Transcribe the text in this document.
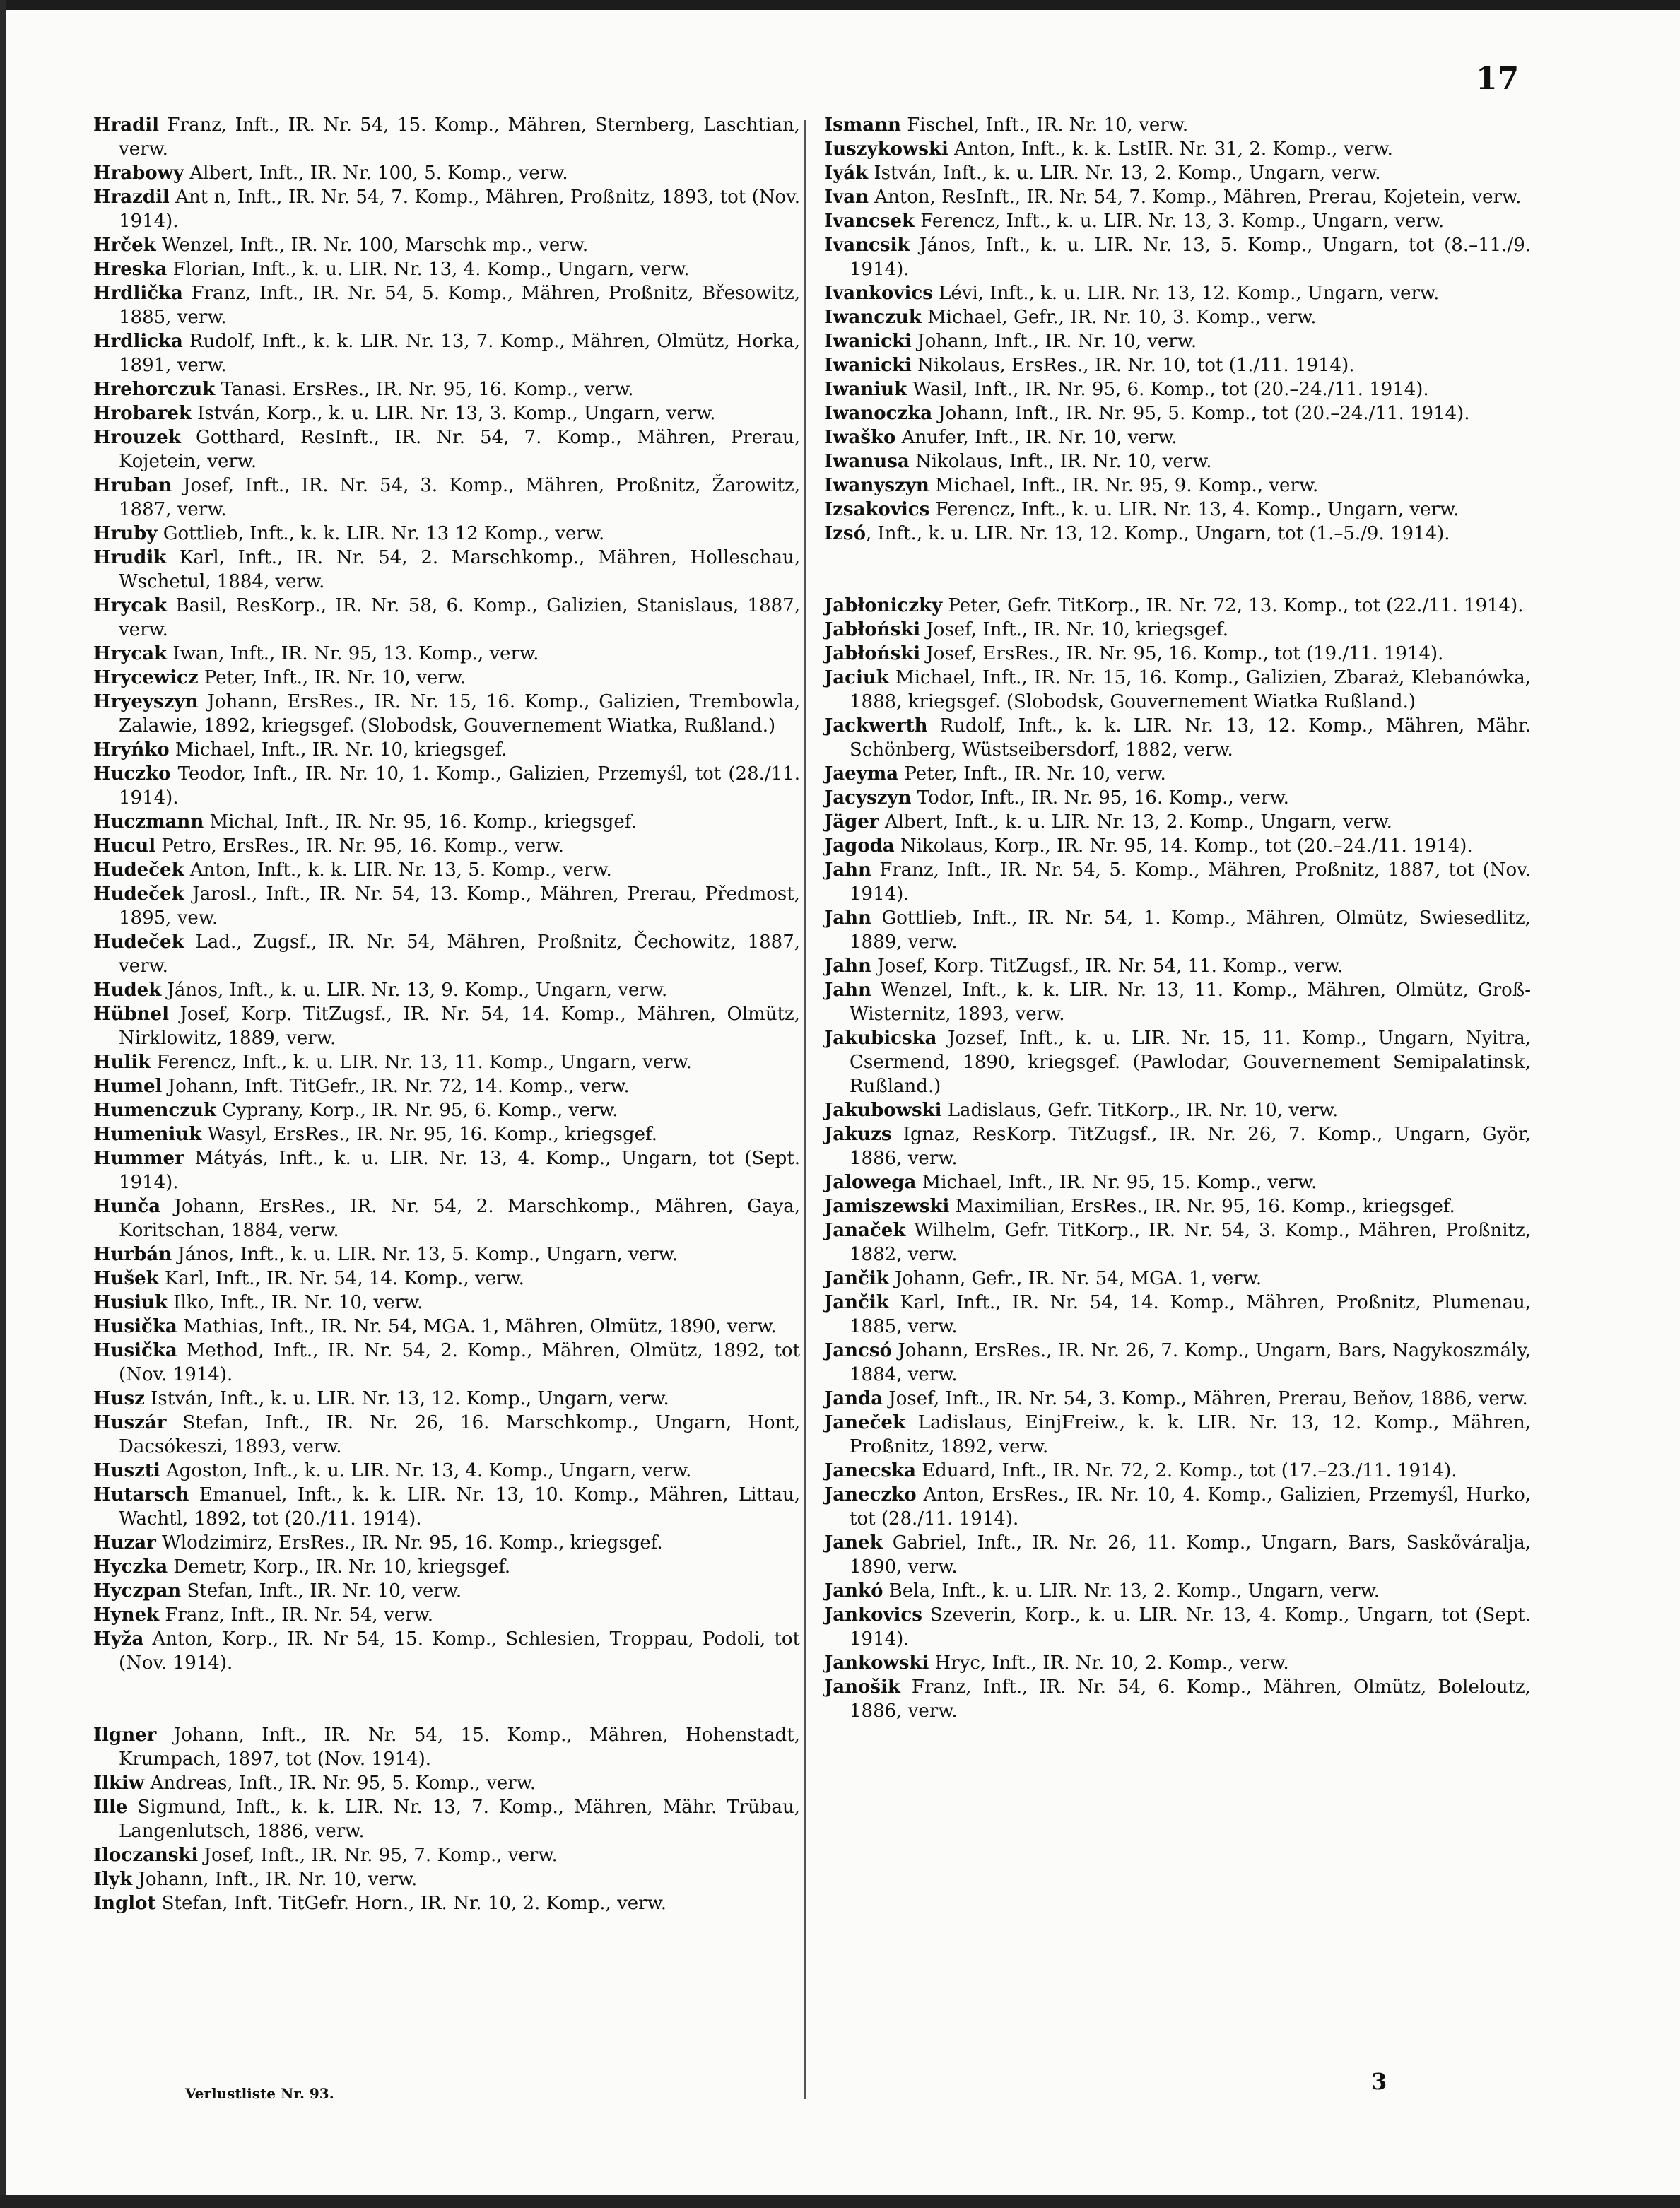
17
Hradil Franz, Inft., IR. Nr. 54, 15. Komp., Mähren, Sternberg, Laschtian, verw.
Hrabowy Albert, Inft., IR. Nr. 100, 5. Komp., verw.
Hrazdil Ant n, Inft., IR. Nr. 54, 7. Komp., Mähren, Proßnitz, 1893, tot (Nov. 1914).
Hrček Wenzel, Inft., IR. Nr. 100, Marschk mp., verw.
Hreska Florian, Inft., k. u. LIR. Nr. 13, 4. Komp., Ungarn, verw.
Hrdlička Franz, Inft., IR. Nr. 54, 5. Komp., Mähren, Proßnitz, Břesowitz, 1885, verw.
Hrdlicka Rudolf, Inft., k. k. LIR. Nr. 13, 7. Komp., Mähren, Olmütz, Horka, 1891, verw.
Hrehorczuk Tanasi. ErsRes., IR. Nr. 95, 16. Komp., verw.
Hrobarek István, Korp., k. u. LIR. Nr. 13, 3. Komp., Ungarn, verw.
Hrouzek Gotthard, ResInft., IR. Nr. 54, 7. Komp., Mähren, Prerau, Kojetein, verw.
Hruban Josef, Inft., IR. Nr. 54, 3. Komp., Mähren, Proßnitz, Žarowitz, 1887, verw.
Hruby Gottlieb, Inft., k. k. LIR. Nr. 13 12 Komp., verw.
Hrudik Karl, Inft., IR. Nr. 54, 2. Marschkomp., Mähren, Holleschau, Wschetul, 1884, verw.
Hrycak Basil, ResKorp., IR. Nr. 58, 6. Komp., Galizien, Stanislaus, 1887, verw.
Hrycak Iwan, Inft., IR. Nr. 95, 13. Komp., verw.
Hrycewicz Peter, Inft., IR. Nr. 10, verw.
Hryeyszyn Johann, ErsRes., IR. Nr. 15, 16. Komp., Galizien, Trembowla, Zalawie, 1892, kriegsgef. (Slobodsk, Gouvernement Wiatka, Rußland.)
Hryńko Michael, Inft., IR. Nr. 10, kriegsgef.
Huczko Teodor, Inft., IR. Nr. 10, 1. Komp., Galizien, Przemyśl, tot (28./11. 1914).
Huczmann Michal, Inft., IR. Nr. 95, 16. Komp., kriegsgef.
Hucul Petro, ErsRes., IR. Nr. 95, 16. Komp., verw.
Hudeček Anton, Inft., k. k. LIR. Nr. 13, 5. Komp., verw.
Hudeček Jarosl., Inft., IR. Nr. 54, 13. Komp., Mähren, Prerau, Předmost, 1895, vew.
Hudeček Lad., Zugsf., IR. Nr. 54, Mähren, Proßnitz, Čechowitz, 1887, verw.
Hudek János, Inft., k. u. LIR. Nr. 13, 9. Komp., Ungarn, verw.
Hübnel Josef, Korp. TitZugsf., IR. Nr. 54, 14. Komp., Mähren, Olmütz, Nirklowitz, 1889, verw.
Hulik Ferencz, Inft., k. u. LIR. Nr. 13, 11. Komp., Ungarn, verw.
Humel Johann, Inft. TitGefr., IR. Nr. 72, 14. Komp., verw.
Humenczuk Cyprany, Korp., IR. Nr. 95, 6. Komp., verw.
Humeniuk Wasyl, ErsRes., IR. Nr. 95, 16. Komp., kriegsgef.
Hummer Mátyás, Inft., k. u. LIR. Nr. 13, 4. Komp., Ungarn, tot (Sept. 1914).
Hunča Johann, ErsRes., IR. Nr. 54, 2. Marschkomp., Mähren, Gaya, Koritschan, 1884, verw.
Hurbán János, Inft., k. u. LIR. Nr. 13, 5. Komp., Ungarn, verw.
Hušek Karl, Inft., IR. Nr. 54, 14. Komp., verw.
Husiuk Ilko, Inft., IR. Nr. 10, verw.
Husička Mathias, Inft., IR. Nr. 54, MGA. 1, Mähren, Olmütz, 1890, verw.
Husička Method, Inft., IR. Nr. 54, 2. Komp., Mähren, Olmütz, 1892, tot (Nov. 1914).
Husz István, Inft., k. u. LIR. Nr. 13, 12. Komp., Ungarn, verw.
Huszár Stefan, Inft., IR. Nr. 26, 16. Marschkomp., Ungarn, Hont, Dacsókeszi, 1893, verw.
Huszti Agoston, Inft., k. u. LIR. Nr. 13, 4. Komp., Ungarn, verw.
Hutarsch Emanuel, Inft., k. k. LIR. Nr. 13, 10. Komp., Mähren, Littau, Wachtl, 1892, tot (20./11. 1914).
Huzar Wlodzimirz, ErsRes., IR. Nr. 95, 16. Komp., kriegsgef.
Hyczka Demetr, Korp., IR. Nr. 10, kriegsgef.
Hyczpan Stefan, Inft., IR. Nr. 10, verw.
Hynek Franz, Inft., IR. Nr. 54, verw.
Hyža Anton, Korp., IR. Nr 54, 15. Komp., Schlesien, Troppau, Podoli, tot (Nov. 1914).
Ilgner Johann, Inft., IR. Nr. 54, 15. Komp., Mähren, Hohenstadt, Krumpach, 1897, tot (Nov. 1914).
Ilkiw Andreas, Inft., IR. Nr. 95, 5. Komp., verw.
Ille Sigmund, Inft., k. k. LIR. Nr. 13, 7. Komp., Mähren, Mähr. Trübau, Langenlutsch, 1886, verw.
Iloczanski Josef, Inft., IR. Nr. 95, 7. Komp., verw.
Ilyk Johann, Inft., IR. Nr. 10, verw.
Inglot Stefan, Inft. TitGefr. Horn., IR. Nr. 10, 2. Komp., verw.
Ismann Fischel, Inft., IR. Nr. 10, verw.
Iuszykowski Anton, Inft., k. k. LstIR. Nr. 31, 2. Komp., verw.
Iyák István, Inft., k. u. LIR. Nr. 13, 2. Komp., Ungarn, verw.
Ivan Anton, ResInft., IR. Nr. 54, 7. Komp., Mähren, Prerau, Kojetein, verw.
Ivancsek Ferencz, Inft., k. u. LIR. Nr. 13, 3. Komp., Ungarn, verw.
Ivancsik János, Inft., k. u. LIR. Nr. 13, 5. Komp., Ungarn, tot (8.–11./9. 1914).
Ivankovics Lévi, Inft., k. u. LIR. Nr. 13, 12. Komp., Ungarn, verw.
Iwanczuk Michael, Gefr., IR. Nr. 10, 3. Komp., verw.
Iwanicki Johann, Inft., IR. Nr. 10, verw.
Iwanicki Nikolaus, ErsRes., IR. Nr. 10, tot (1./11. 1914).
Iwaniuk Wasil, Inft., IR. Nr. 95, 6. Komp., tot (20.–24./11. 1914).
Iwanoczka Johann, Inft., IR. Nr. 95, 5. Komp., tot (20.–24./11. 1914).
Iwaško Anufer, Inft., IR. Nr. 10, verw.
Iwanusa Nikolaus, Inft., IR. Nr. 10, verw.
Iwanyszyn Michael, Inft., IR. Nr. 95, 9. Komp., verw.
Izsakovics Ferencz, Inft., k. u. LIR. Nr. 13, 4. Komp., Ungarn, verw.
Izsó, Inft., k. u. LIR. Nr. 13, 12. Komp., Ungarn, tot (1.–5./9. 1914).
Jabłoniczky Peter, Gefr. TitKorp., IR. Nr. 72, 13. Komp., tot (22./11. 1914).
Jabłoński Josef, Inft., IR. Nr. 10, kriegsgef.
Jabłoński Josef, ErsRes., IR. Nr. 95, 16. Komp., tot (19./11. 1914).
Jaciuk Michael, Inft., IR. Nr. 15, 16. Komp., Galizien, Zbaraż, Klebanówka, 1888, kriegsgef. (Slobodsk, Gouvernement Wiatka Rußland.)
Jackwerth Rudolf, Inft., k. k. LIR. Nr. 13, 12. Komp., Mähren, Mähr. Schönberg, Wüstseibersdorf, 1882, verw.
Jaeyma Peter, Inft., IR. Nr. 10, verw.
Jacyszyn Todor, Inft., IR. Nr. 95, 16. Komp., verw.
Jäger Albert, Inft., k. u. LIR. Nr. 13, 2. Komp., Ungarn, verw.
Jagoda Nikolaus, Korp., IR. Nr. 95, 14. Komp., tot (20.–24./11. 1914).
Jahn Franz, Inft., IR. Nr. 54, 5. Komp., Mähren, Proßnitz, 1887, tot (Nov. 1914).
Jahn Gottlieb, Inft., IR. Nr. 54, 1. Komp., Mähren, Olmütz, Swiesedlitz, 1889, verw.
Jahn Josef, Korp. TitZugsf., IR. Nr. 54, 11. Komp., verw.
Jahn Wenzel, Inft., k. k. LIR. Nr. 13, 11. Komp., Mähren, Olmütz, Groß-Wisternitz, 1893, verw.
Jakubicska Jozsef, Inft., k. u. LIR. Nr. 15, 11. Komp., Ungarn, Nyitra, Csermend, 1890, kriegsgef. (Pawlodar, Gouvernement Semipalatinsk, Rußland.)
Jakubowski Ladislaus, Gefr. TitKorp., IR. Nr. 10, verw.
Jakuzs Ignaz, ResKorp. TitZugsf., IR. Nr. 26, 7. Komp., Ungarn, Györ, 1886, verw.
Jalowega Michael, Inft., IR. Nr. 95, 15. Komp., verw.
Jamiszewski Maximilian, ErsRes., IR. Nr. 95, 16. Komp., kriegsgef.
Janaček Wilhelm, Gefr. TitKorp., IR. Nr. 54, 3. Komp., Mähren, Proßnitz, 1882, verw.
Jančik Johann, Gefr., IR. Nr. 54, MGA. 1, verw.
Jančik Karl, Inft., IR. Nr. 54, 14. Komp., Mähren, Proßnitz, Plumenau, 1885, verw.
Jancsó Johann, ErsRes., IR. Nr. 26, 7. Komp., Ungarn, Bars, Nagykoszmály, 1884, verw.
Janda Josef, Inft., IR. Nr. 54, 3. Komp., Mähren, Prerau, Beňov, 1886, verw.
Janeček Ladislaus, EinjFreiw., k. k. LIR. Nr. 13, 12. Komp., Mähren, Proßnitz, 1892, verw.
Janecska Eduard, Inft., IR. Nr. 72, 2. Komp., tot (17.–23./11. 1914).
Janeczko Anton, ErsRes., IR. Nr. 10, 4. Komp., Galizien, Przemyśl, Hurko, tot (28./11. 1914).
Janek Gabriel, Inft., IR. Nr. 26, 11. Komp., Ungarn, Bars, Saskőváralja, 1890, verw.
Jankó Bela, Inft., k. u. LIR. Nr. 13, 2. Komp., Ungarn, verw.
Jankovics Szeverin, Korp., k. u. LIR. Nr. 13, 4. Komp., Ungarn, tot (Sept. 1914).
Jankowski Hryc, Inft., IR. Nr. 10, 2. Komp., verw.
Janošik Franz, Inft., IR. Nr. 54, 6. Komp., Mähren, Olmütz, Boleloutz, 1886, verw.
Verlustliste Nr. 93.	3
